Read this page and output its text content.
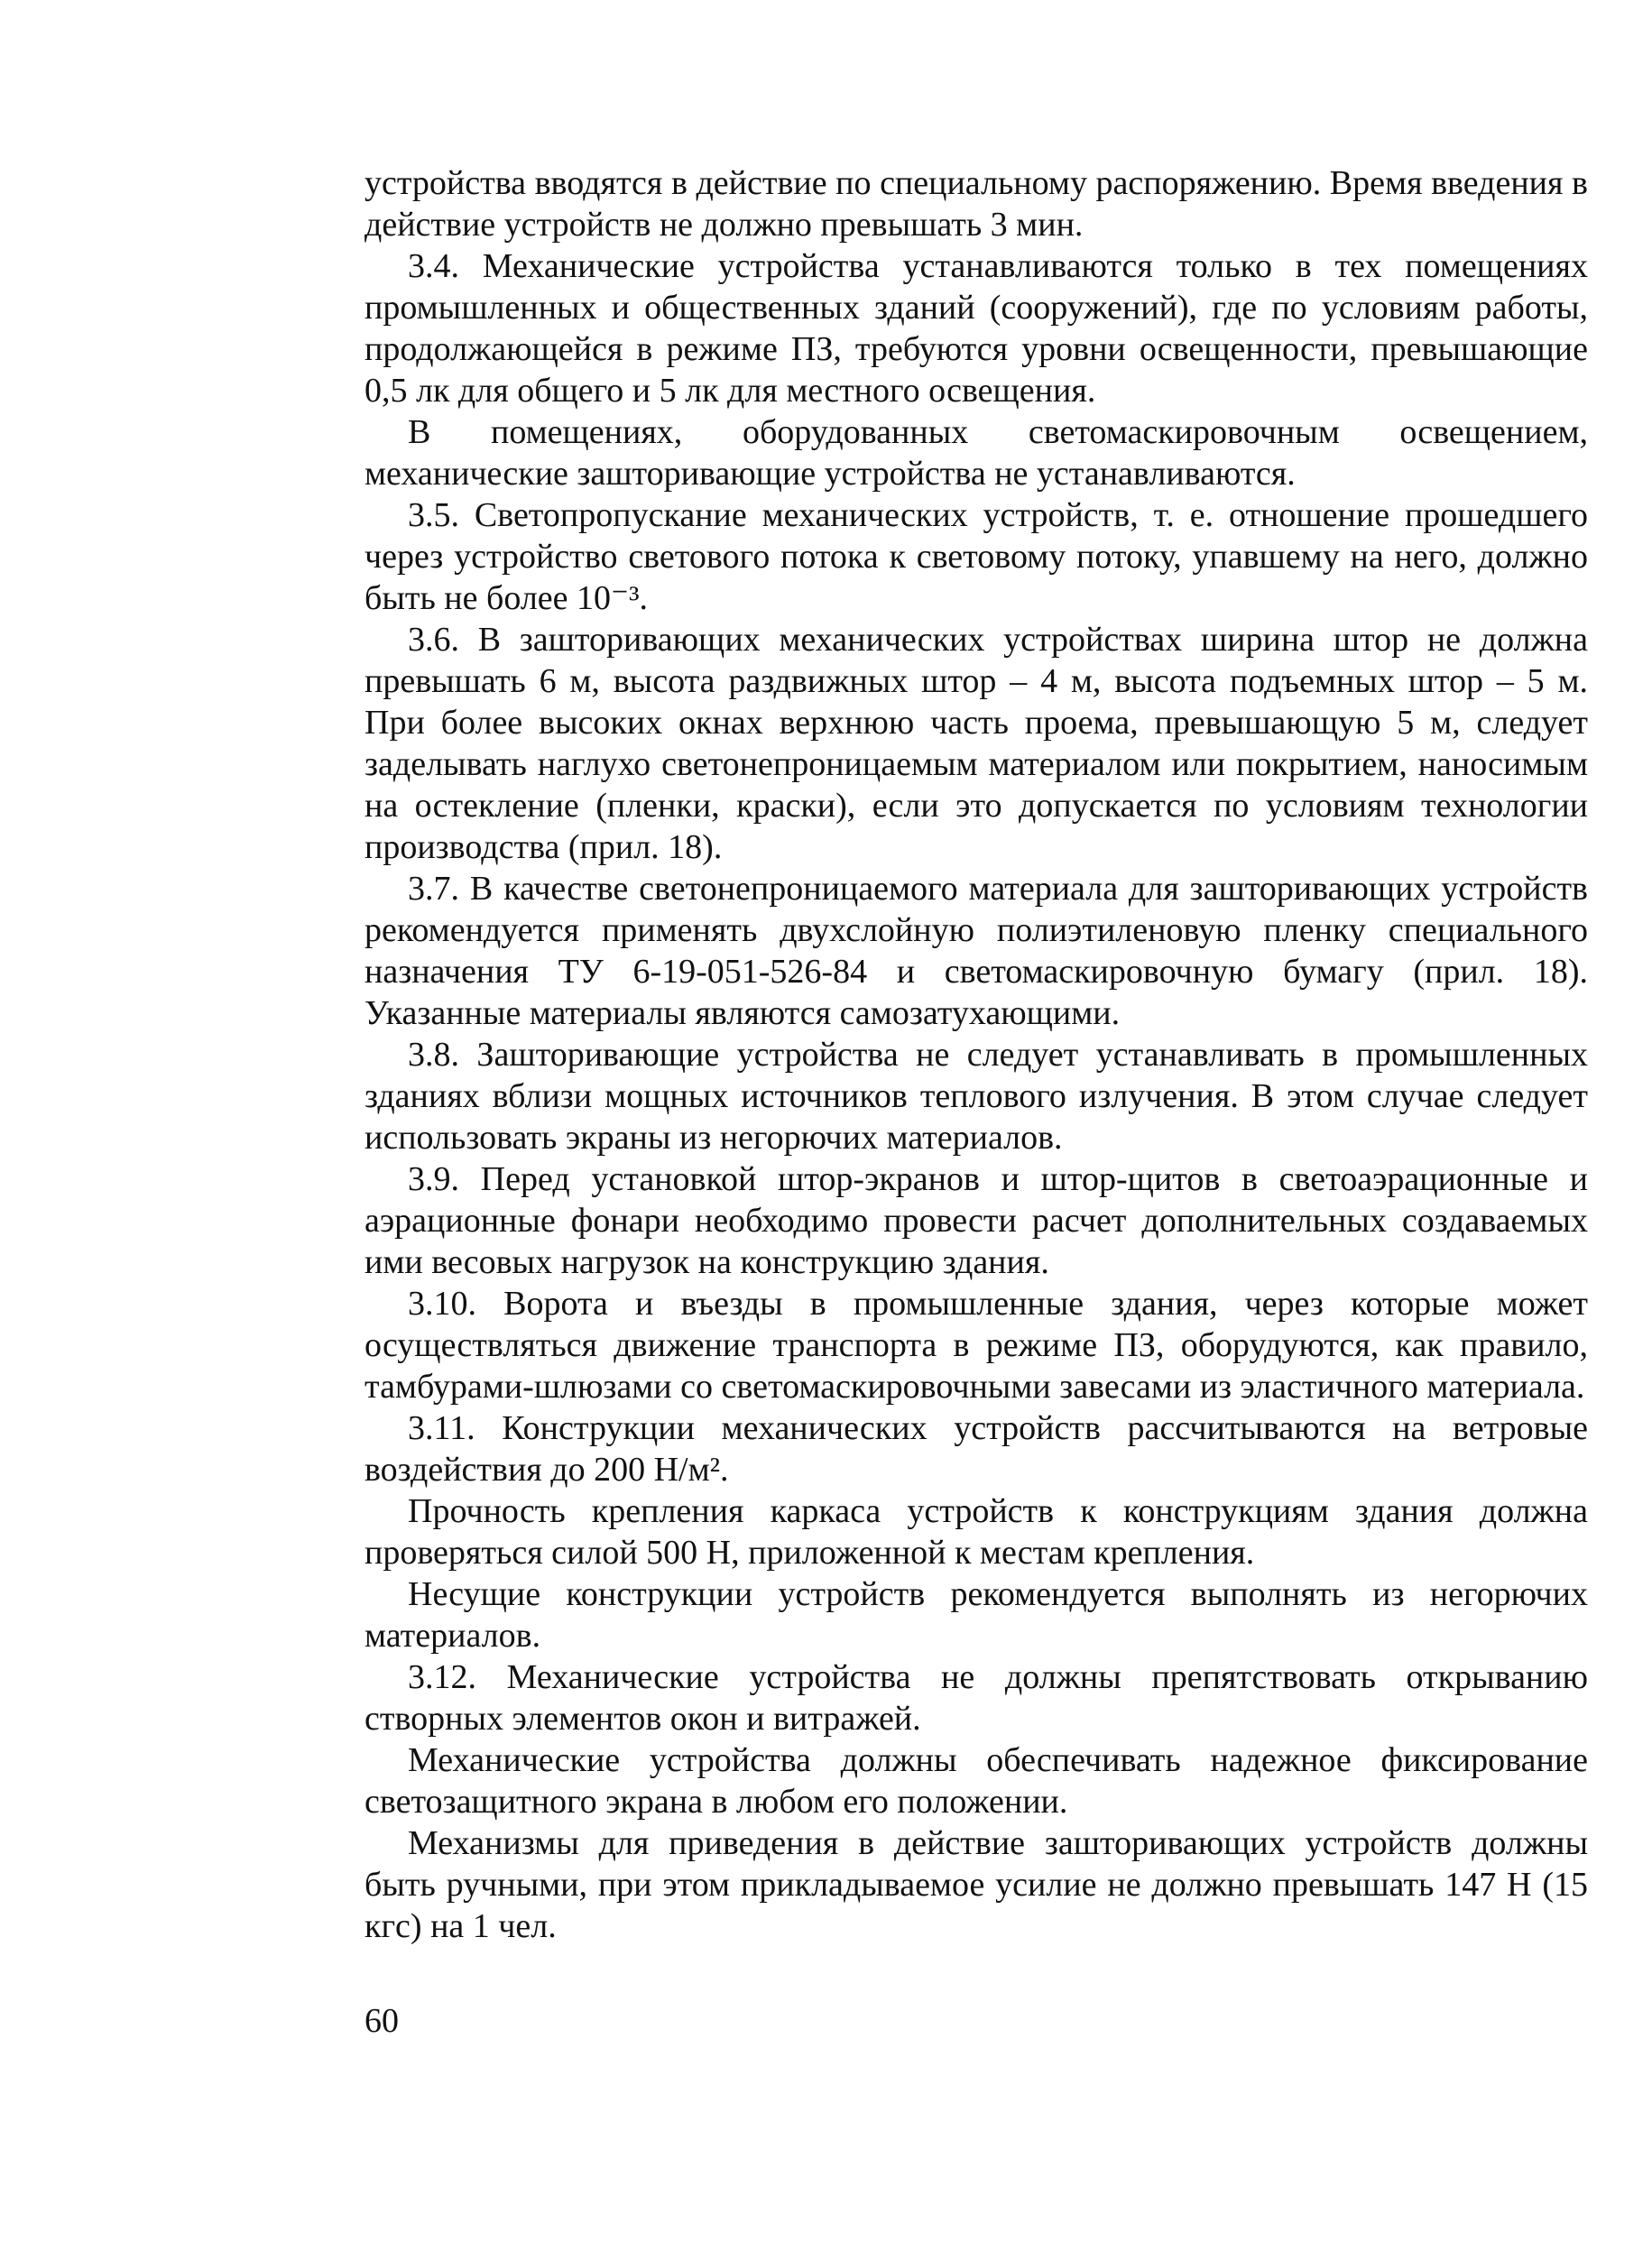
устройства вводятся в действие по специальному распоряжению. Время введения в действие устройств не должно превышать 3 мин.

3.4. Механические устройства устанавливаются только в тех помещениях промышленных и общественных зданий (сооружений), где по условиям работы, продолжающейся в режиме ПЗ, требуются уровни освещенности, превышающие 0,5 лк для общего и 5 лк для местного освещения.

В помещениях, оборудованных светомаскировочным освещением, механические зашторивающие устройства не устанавливаются.

3.5. Светопропускание механических устройств, т. е. отношение прошедшего через устройство светового потока к световому потоку, упавшему на него, должно быть не более 10⁻³.

3.6. В зашторивающих механических устройствах ширина штор не должна превышать 6 м, высота раздвижных штор – 4 м, высота подъемных штор – 5 м. При более высоких окнах верхнюю часть проема, превышающую 5 м, следует заделывать наглухо светонепроницаемым материалом или покрытием, наносимым на остекление (пленки, краски), если это допускается по условиям технологии производства (прил. 18).

3.7. В качестве светонепроницаемого материала для зашторивающих устройств рекомендуется применять двухслойную полиэтиленовую пленку специального назначения ТУ 6-19-051-526-84 и светомаскировочную бумагу (прил. 18). Указанные материалы являются самозатухающими.

3.8. Зашторивающие устройства не следует устанавливать в промышленных зданиях вблизи мощных источников теплового излучения. В этом случае следует использовать экраны из негорючих материалов.

3.9. Перед установкой штор-экранов и штор-щитов в светоаэрационные и аэрационные фонари необходимо провести расчет дополнительных создаваемых ими весовых нагрузок на конструкцию здания.

3.10. Ворота и въезды в промышленные здания, через которые может осуществляться движение транспорта в режиме ПЗ, оборудуются, как правило, тамбурами-шлюзами со светомаскировочными завесами из эластичного материала.

3.11. Конструкции механических устройств рассчитываются на ветровые воздействия до 200 Н/м².

Прочность крепления каркаса устройств к конструкциям здания должна проверяться силой 500 Н, приложенной к местам крепления.

Несущие конструкции устройств рекомендуется выполнять из негорючих материалов.

3.12. Механические устройства не должны препятствовать открыванию створных элементов окон и витражей.

Механические устройства должны обеспечивать надежное фиксирование светозащитного экрана в любом его положении.

Механизмы для приведения в действие зашторивающих устройств должны быть ручными, при этом прикладываемое усилие не должно превышать 147 Н (15 кгс) на 1 чел.

60
